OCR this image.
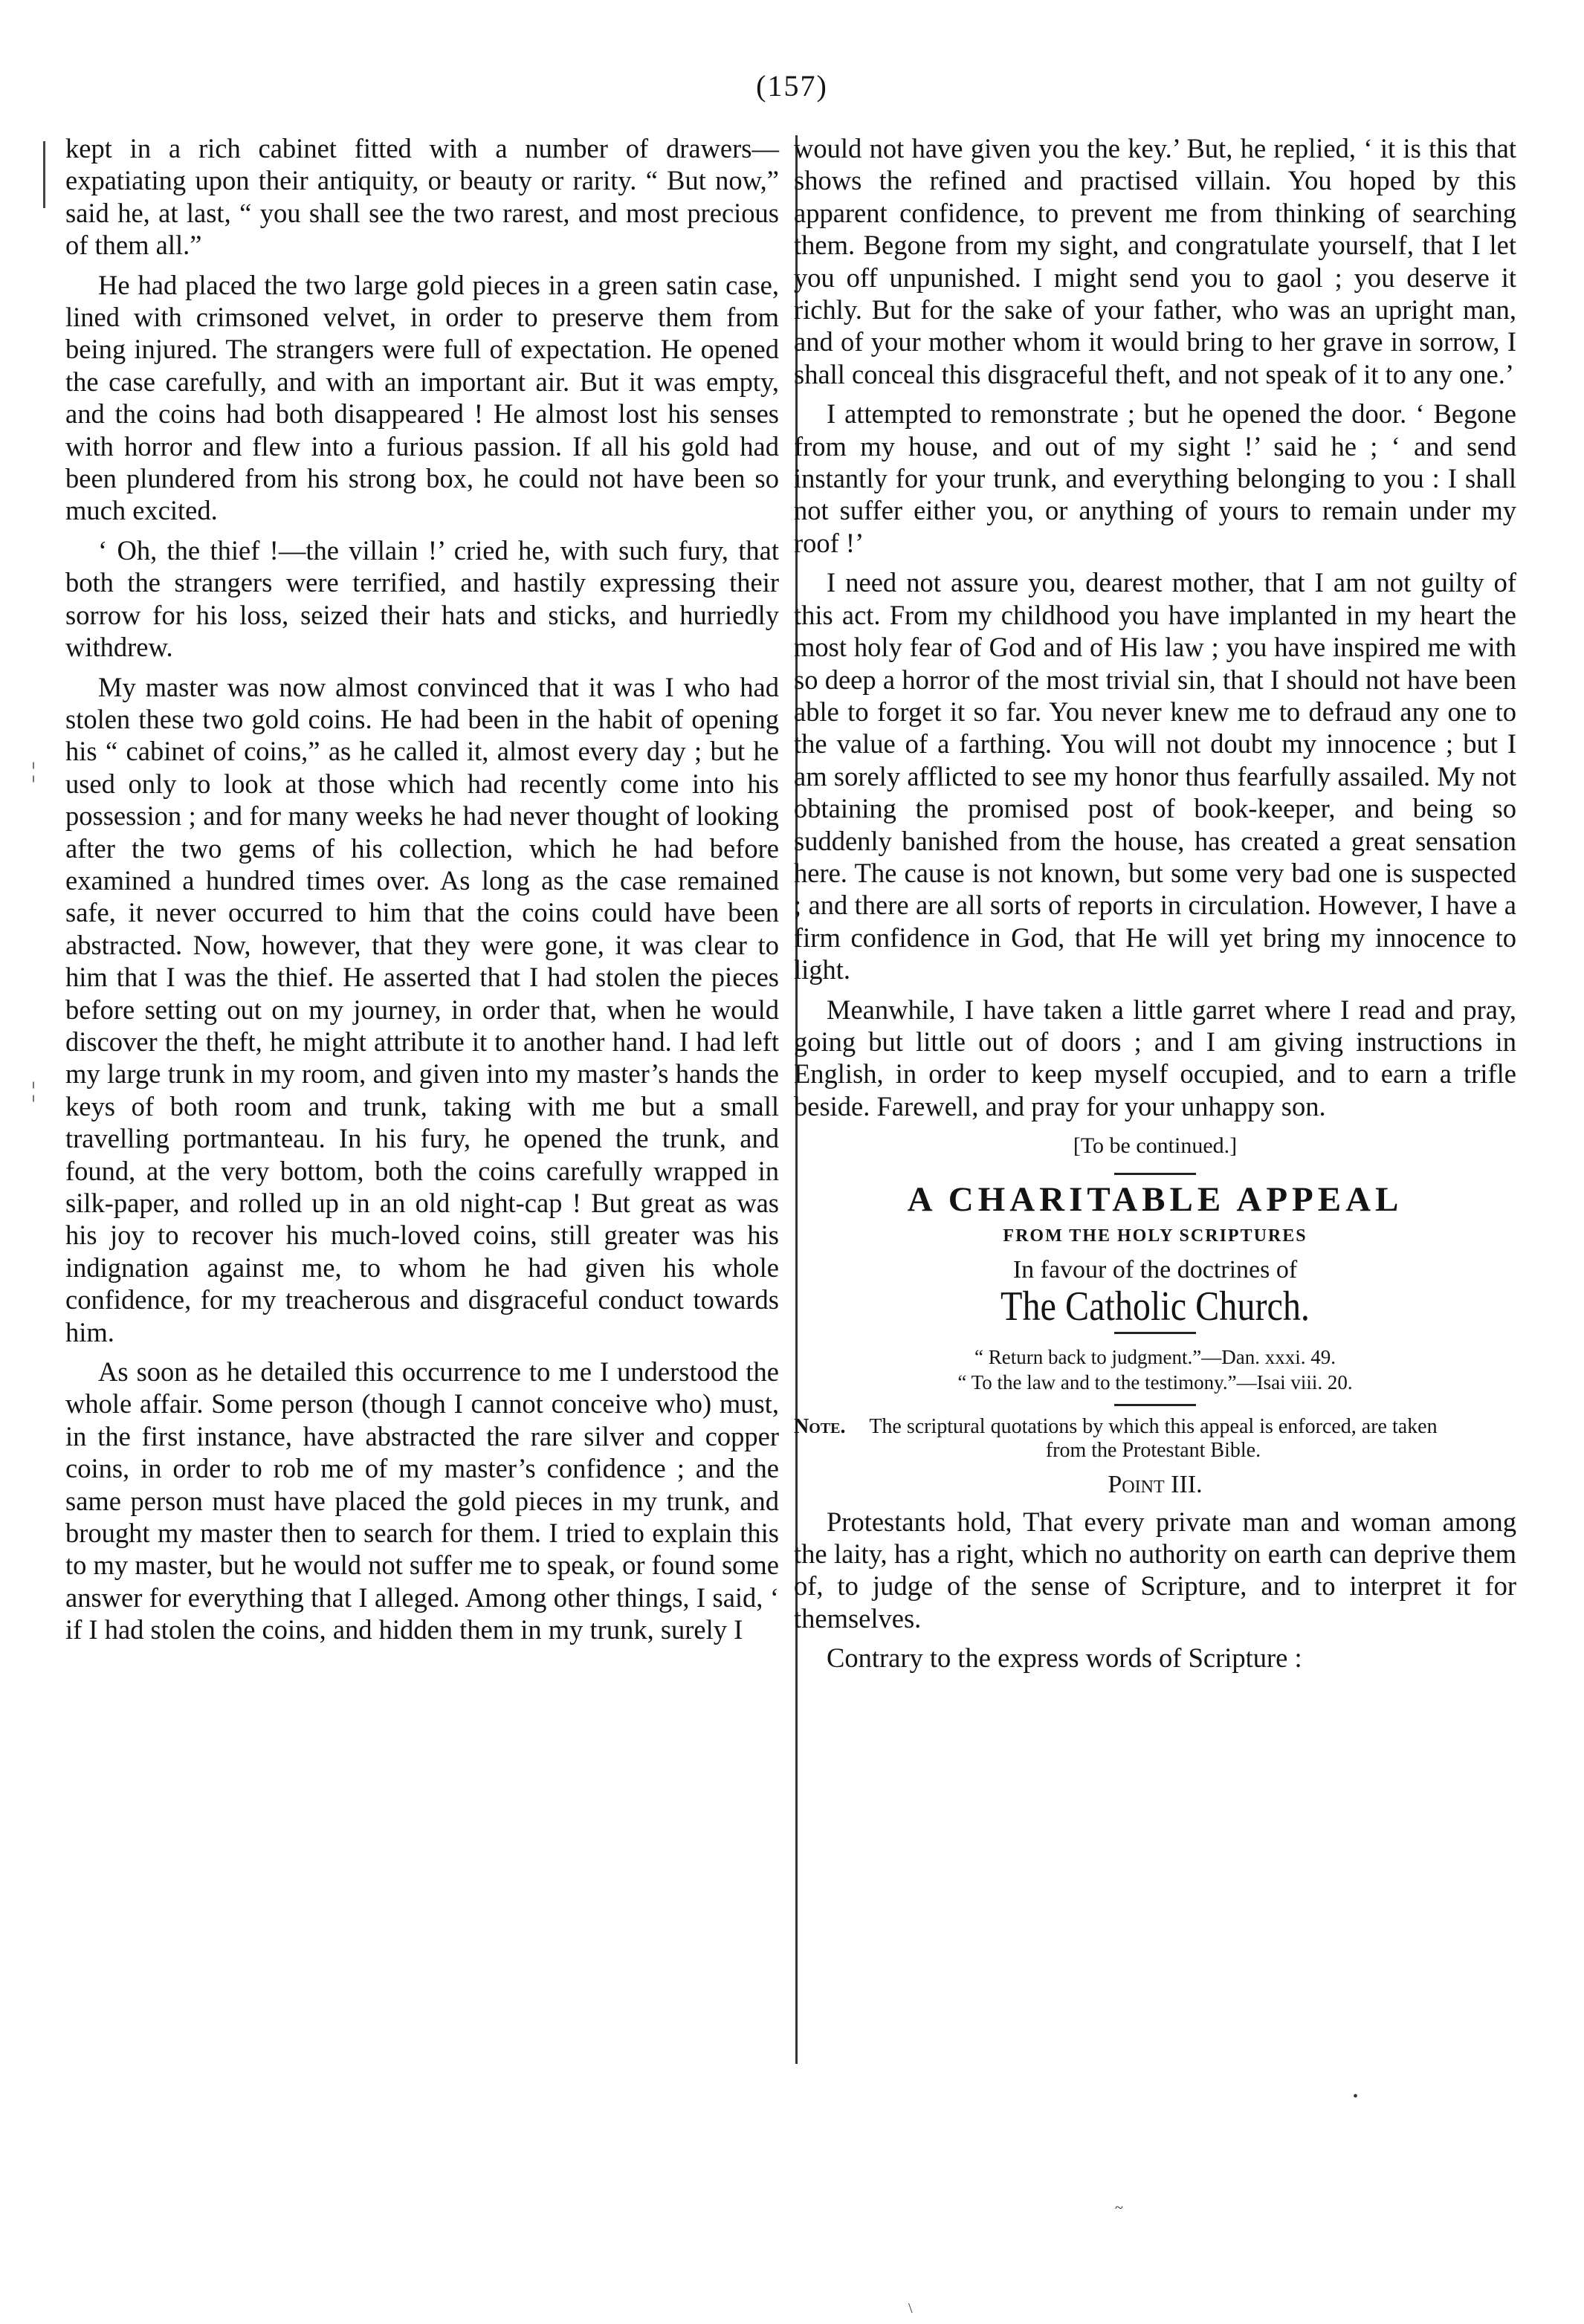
(157)
¦
¦
•
~
\

kept in a rich cabinet fitted with a number of drawers—expatiating upon their antiquity, or beauty or rarity. “ But now,” said he, at last, “ you shall see the two rarest, and most precious of them all.”

He had placed the two large gold pieces in a green satin case, lined with crimsoned velvet, in order to preserve them from being injured. The strangers were full of expectation. He opened the case carefully, and with an important air. But it was empty, and the coins had both disappeared ! He almost lost his senses with horror and flew into a furious passion. If all his gold had been plundered from his strong box, he could not have been so much excited.

‘ Oh, the thief !—the villain !’ cried he, with such fury, that both the strangers were terrified, and hastily expressing their sorrow for his loss, seized their hats and sticks, and hurriedly withdrew.

My master was now almost convinced that it was I who had stolen these two gold coins. He had been in the habit of opening his “ cabinet of coins,” as he called it, almost every day ; but he used only to look at those which had recently come into his possession ; and for many weeks he had never thought of looking after the two gems of his collection, which he had before examined a hundred times over. As long as the case remained safe, it never occurred to him that the coins could have been abstracted. Now, however, that they were gone, it was clear to him that I was the thief. He asserted that I had stolen the pieces before setting out on my journey, in order that, when he would discover the theft, he might attribute it to another hand. I had left my large trunk in my room, and given into my master’s hands the keys of both room and trunk, taking with me but a small travelling portmanteau. In his fury, he opened the trunk, and found, at the very bottom, both the coins carefully wrapped in silk-paper, and rolled up in an old night-cap ! But great as was his joy to recover his much-loved coins, still greater was his indignation against me, to whom he had given his whole confidence, for my treacherous and disgraceful conduct towards him.

As soon as he detailed this occurrence to me I understood the whole affair. Some person (though I cannot conceive who) must, in the first instance, have abstracted the rare silver and copper coins, in order to rob me of my master’s confidence ; and the same person must have placed the gold pieces in my trunk, and brought my master then to search for them. I tried to explain this to my master, but he would not suffer me to speak, or found some answer for everything that I alleged. Among other things, I said, ‘ if I had stolen the coins, and hidden them in my trunk, surely I

would not have given you the key.’ But, he replied, ‘ it is this that shows the refined and practised villain. You hoped by this apparent confidence, to prevent me from thinking of searching them. Begone from my sight, and congratulate yourself, that I let you off unpunished. I might send you to gaol ; you deserve it richly. But for the sake of your father, who was an upright man, and of your mother whom it would bring to her grave in sorrow, I shall conceal this disgraceful theft, and not speak of it to any one.’

I attempted to remonstrate ; but he opened the door. ‘ Begone from my house, and out of my sight !’ said he ; ‘ and send instantly for your trunk, and everything belonging to you : I shall not suffer either you, or anything of yours to remain under my roof !’

I need not assure you, dearest mother, that I am not guilty of this act. From my childhood you have implanted in my heart the most holy fear of God and of His law ; you have inspired me with so deep a horror of the most trivial sin, that I should not have been able to forget it so far. You never knew me to defraud any one to the value of a farthing. You will not doubt my innocence ; but I am sorely afflicted to see my honor thus fearfully assailed. My not obtaining the promised post of book-keeper, and being so suddenly banished from the house, has created a great sensation here. The cause is not known, but some very bad one is suspected ; and there are all sorts of reports in circulation. However, I have a firm confidence in God, that He will yet bring my innocence to light.

Meanwhile, I have taken a little garret where I read and pray, going but little out of doors ; and I am giving instructions in English, in order to keep myself occupied, and to earn a trifle beside. Farewell, and pray for your unhappy son.

[To be continued.]
A CHARITABLE APPEAL
FROM THE HOLY SCRIPTURES
In favour of the doctrines of
The Catholic Church.
“ Return back to judgment.”—Dan. xxxi. 49.
“ To the law and to the testimony.”—Isai viii. 20.
Note. The scriptural quotations by which this appeal is enforced, are taken from the Protestant Bible.
Point III.

Protestants hold, That every private man and woman among the laity, has a right, which no authority on earth can deprive them of, to judge of the sense of Scripture, and to interpret it for themselves.

Contrary to the express words of Scripture :
